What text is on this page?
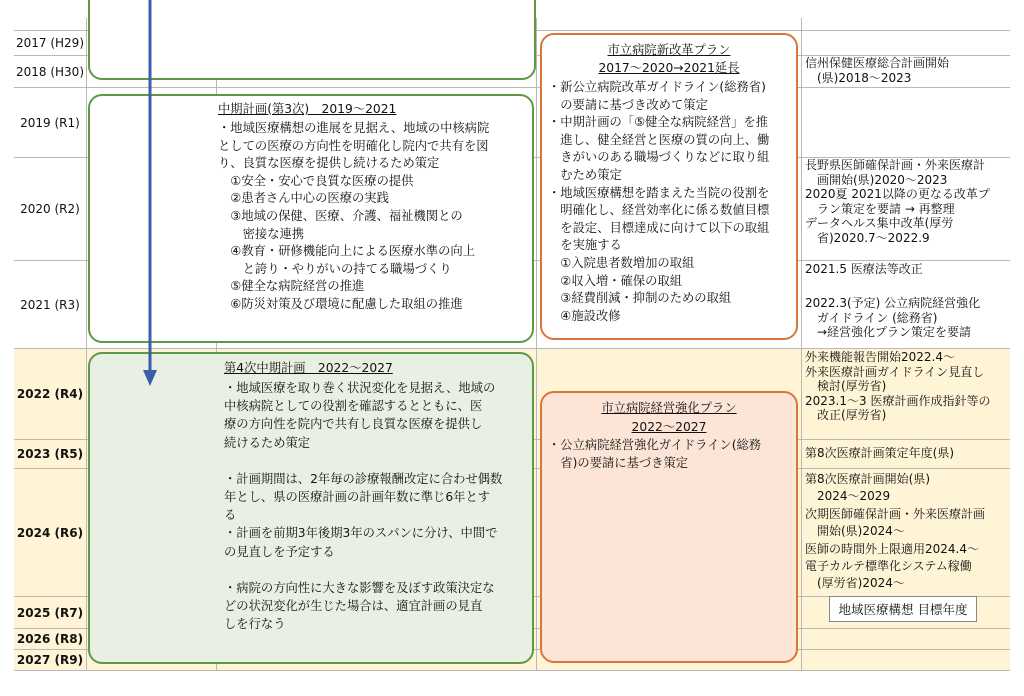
2017 (H29)
2018 (H30)
2019 (R1)
2020 (R2)
2021 (R3)
2022 (R4)
2023 (R5)
2024 (R6)
2025 (R7)
2026 (R8)
2027 (R9)
中期計画(第3次)　2019～2021
・地域医療構想の進展を見据え、地域の中核病院
としての医療の方向性を明確化し院内で共有を図
り、良質な医療を提供し続けるため策定
　①安全・安心で良質な医療の提供
　②患者さん中心の医療の実践
　③地域の保健、医療、介護、福祉機関との
　　密接な連携
　④教育・研修機能向上による医療水準の向上
　　と誇り・やりがいの持てる職場づくり
　⑤健全な病院経営の推進
　⑥防災対策及び環境に配慮した取組の推進
第4次中期計画　2022～2027
・地域医療を取り巻く状況変化を見据え、地域の
中核病院としての役割を確認するとともに、医
療の方向性を院内で共有し良質な医療を提供し
続けるため策定
・計画期間は、2年毎の診療報酬改定に合わせ偶数
年とし、県の医療計画の計画年数に準じ6年とす
る
・計画を前期3年後期3年のスパンに分け、中間で
の見直しを予定する
・病院の方向性に大きな影響を及ぼす政策決定な
どの状況変化が生じた場合は、適宜計画の見直
しを行なう
市立病院新改革プラン
2017～2020→2021延長
・新公立病院改革ガイドライン(総務省)
　の要請に基づき改めて策定
・中期計画の「⑤健全な病院経営」を推
　進し、健全経営と医療の質の向上、働
　きがいのある職場づくりなどに取り組
　むため策定
・地域医療構想を踏まえた当院の役割を
　明確化し、経営効率化に係る数値目標
　を設定、目標達成に向けて以下の取組
　を実施する
　①入院患者数増加の取組
　②収入増・確保の取組
　③経費削減・抑制のための取組
　④施設改修
市立病院経営強化プラン
2022～2027
・公立病院経営強化ガイドライン(総務
　省)の要請に基づき策定
信州保健医療総合計画開始
　(県)2018～2023
長野県医師確保計画・外来医療計
　画開始(県)2020～2023
2020夏 2021以降の更なる改革プ
　ラン策定を要請 → 再整理
データヘルス集中改革(厚労
　省)2020.7～2022.9
2021.5 医療法等改正
2022.3(予定) 公立病院経営強化
　ガイドライン (総務省)
　→経営強化プラン策定を要請
外来機能報告開始2022.4～
外来医療計画ガイドライン見直し
　検討(厚労省)
2023.1～3 医療計画作成指針等の
　改正(厚労省)
第8次医療計画策定年度(県)
第8次医療計画開始(県)
　2024～2029
次期医師確保計画・外来医療計画
　開始(県)2024～
医師の時間外上限適用2024.4～
電子カルテ標準化システム稼働
　(厚労省)2024～
地域医療構想 目標年度
